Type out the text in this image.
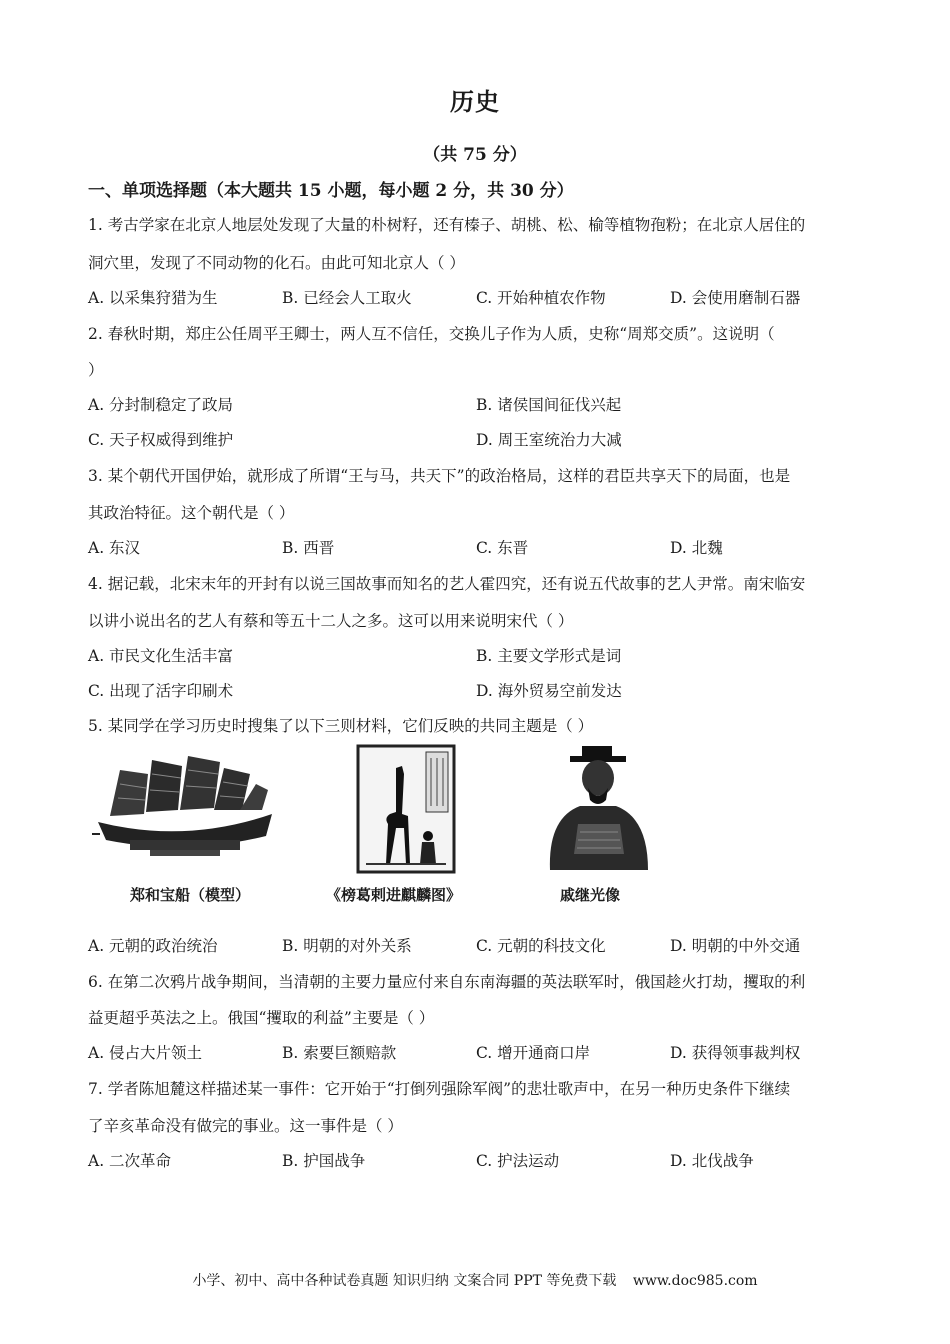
历史
（共 75 分）
一、单项选择题（本大题共 15 小题，每小题 2 分，共 30 分）
1. 考古学家在北京人地层处发现了大量的朴树籽，还有榛子、胡桃、松、榆等植物孢粉；在北京人居住的
洞穴里，发现了不同动物的化石。由此可知北京人（ ）
A. 以采集狩猎为生	B. 已经会人工取火	C. 开始种植农作物	D. 会使用磨制石器
2. 春秋时期，郑庄公任周平王卿士，两人互不信任，交换儿子作为人质，史称“周郑交质”。这说明（
）
A. 分封制稳定了政局	B. 诸侯国间征伐兴起
C. 天子权威得到维护	D. 周王室统治力大减
3. 某个朝代开国伊始，就形成了所谓“王与马，共天下”的政治格局，这样的君臣共享天下的局面，也是
其政治特征。这个朝代是（ ）
A. 东汉	B. 西晋	C. 东晋	D. 北魏
4. 据记载，北宋末年的开封有以说三国故事而知名的艺人霍四究，还有说五代故事的艺人尹常。南宋临安
以讲小说出名的艺人有蔡和等五十二人之多。这可以用来说明宋代（ ）
A. 市民文化生活丰富	B. 主要文学形式是词
C. 出现了活字印刷术	D. 海外贸易空前发达
5. 某同学在学习历史时搜集了以下三则材料，它们反映的共同主题是（ ）
郑和宝船（模型）	《榜葛剌进麒麟图》	戚继光像
A. 元朝的政治统治	B. 明朝的对外关系	C. 元朝的科技文化	D. 明朝的中外交通
6. 在第二次鸦片战争期间，当清朝的主要力量应付来自东南海疆的英法联军时，俄国趁火打劫，攫取的利
益更超乎英法之上。俄国“攫取的利益”主要是（ ）
A. 侵占大片领土	B. 索要巨额赔款	C. 增开通商口岸	D. 获得领事裁判权
7. 学者陈旭麓这样描述某一事件：它开始于“打倒列强除军阀”的悲壮歌声中，在另一种历史条件下继续
了辛亥革命没有做完的事业。这一事件是（ ）
A. 二次革命	B. 护国战争	C. 护法运动	D. 北伐战争
小学、初中、高中各种试卷真题 知识归纳 文案合同 PPT 等免费下载 www.doc985.com
